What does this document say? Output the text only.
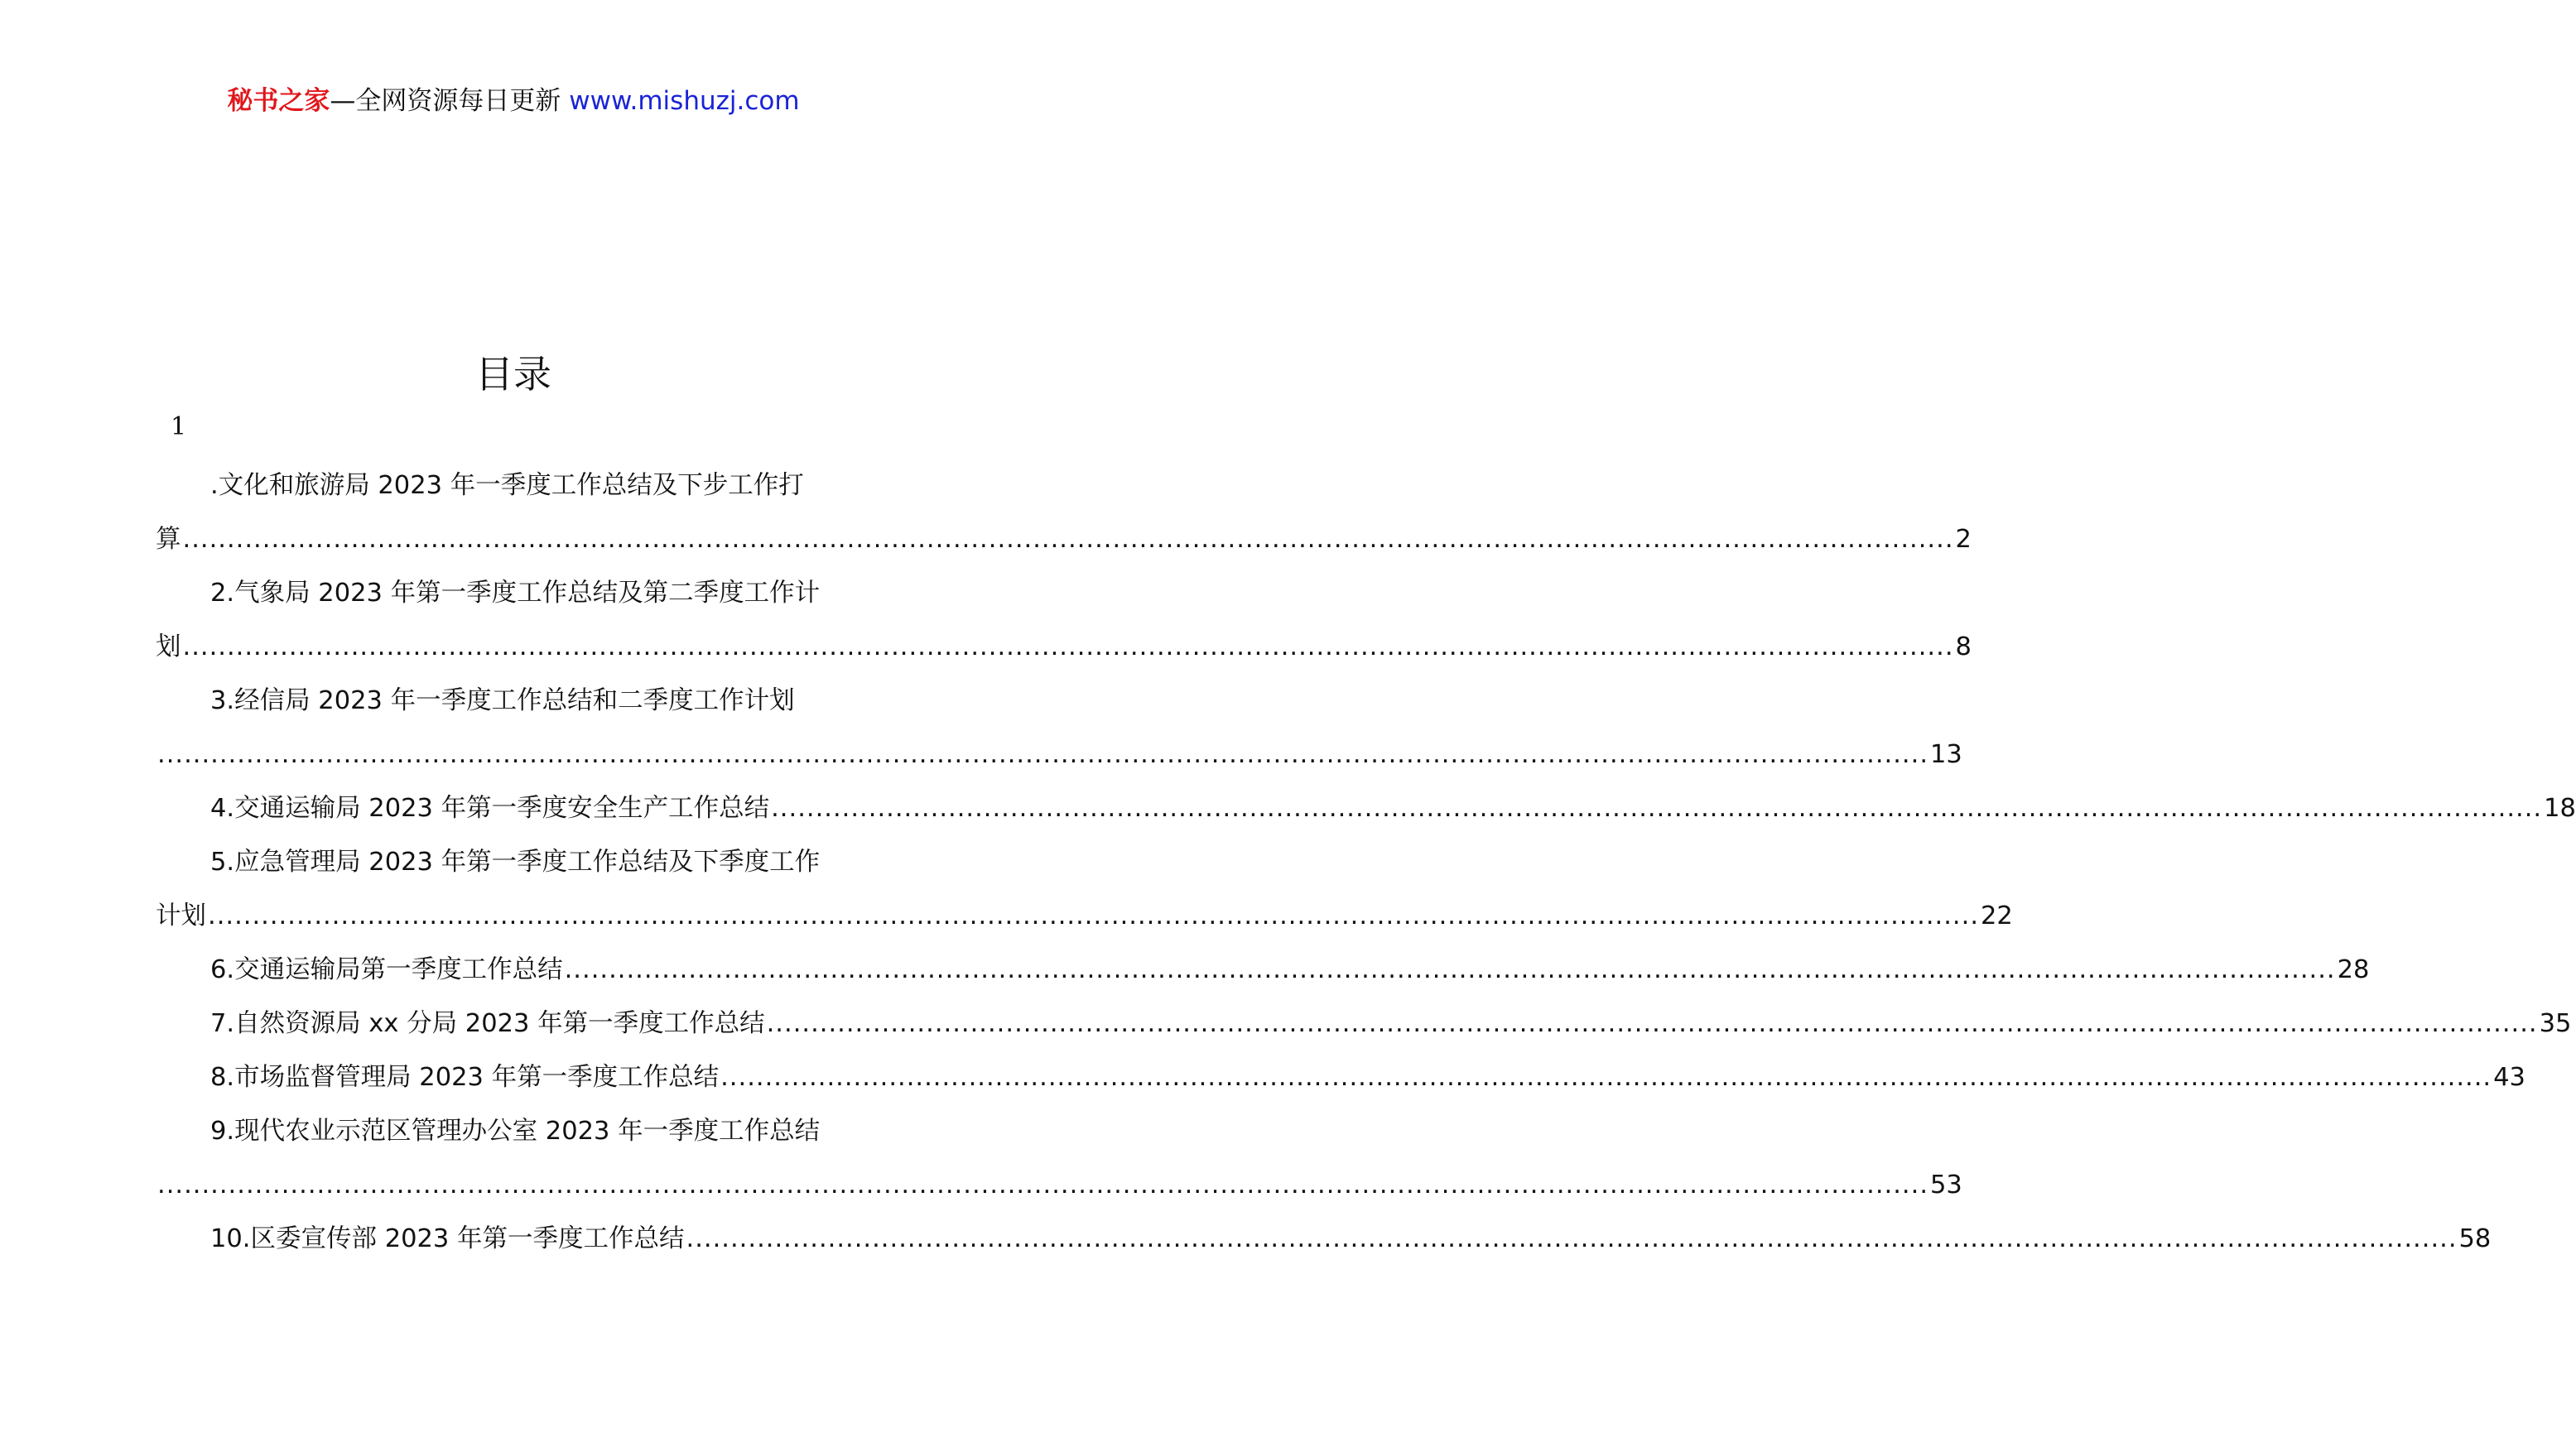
秘书之家—全网资源每日更新 www.mishuzj.com
目录
1
.文化和旅游局 2023 年一季度工作总结及下步工作打
算 ........................................................................................................................................................................................................ 2
2.气象局 2023 年第一季度工作总结及第二季度工作计
划 ........................................................................................................................................................................................................ 8
3.经信局 2023 年一季度工作总结和二季度工作计划
........................................................................................................................................................................................................ 13
4.交通运输局 2023 年第一季度安全生产工作总结 ........................................................................................................................................................................................................ 18
5.应急管理局 2023 年第一季度工作总结及下季度工作
计划 ........................................................................................................................................................................................................ 22
6.交通运输局第一季度工作总结 ........................................................................................................................................................................................................ 28
7.自然资源局 xx 分局 2023 年第一季度工作总结 ........................................................................................................................................................................................................ 35
8.市场监督管理局 2023 年第一季度工作总结 ........................................................................................................................................................................................................ 43
9.现代农业示范区管理办公室 2023 年一季度工作总结
........................................................................................................................................................................................................ 53
10.区委宣传部 2023 年第一季度工作总结 ........................................................................................................................................................................................................ 58
